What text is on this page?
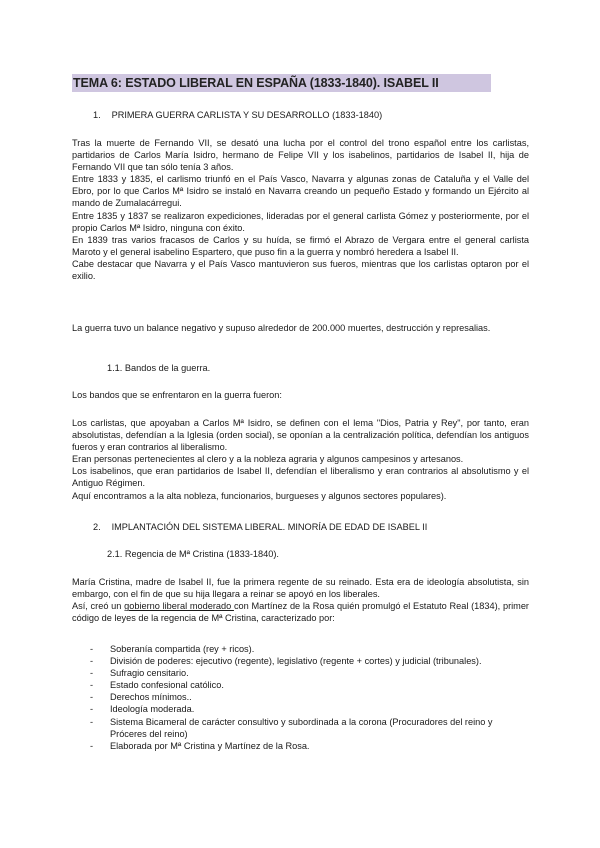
TEMA 6: ESTADO LIBERAL EN ESPAÑA (1833-1840). ISABEL II
1. PRIMERA GUERRA CARLISTA Y SU DESARROLLO (1833-1840)

Tras la muerte de Fernando VII, se desató una lucha por el control del trono español entre los carlistas, partidarios de Carlos María Isidro, hermano de Felipe VII y los isabelinos, partidarios de Isabel II, hija de Fernando VII que tan sólo tenía 3 años.

Entre 1833 y 1835, el carlismo triunfó en el País Vasco, Navarra y algunas zonas de Cataluña y el Valle del Ebro, por lo que Carlos Mª Isidro se instaló en Navarra creando un pequeño Estado y formando un Ejército al mando de Zumalacárregui.

Entre 1835 y 1837 se realizaron expediciones, lideradas por el general carlista Gómez y posteriormente, por el propio Carlos Mª Isidro, ninguna con éxito.

En 1839 tras varios fracasos de Carlos y su huída, se firmó el Abrazo de Vergara entre el general carlista Maroto y el general isabelino Espartero, que puso fin a la guerra y nombró heredera a Isabel II.

Cabe destacar que Navarra y el País Vasco mantuvieron sus fueros, mientras que los carlistas optaron por el exilio.

La guerra tuvo un balance negativo y supuso alrededor de 200.000 muertes, destrucción y represalias.

1.1. Bandos de la guerra.

Los bandos que se enfrentaron en la guerra fueron:

Los carlistas, que apoyaban a Carlos Mª Isidro, se definen con el lema "Dios, Patria y Rey", por tanto, eran absolutistas, defendían a la Iglesia (orden social), se oponían a la centralización política, defendían los antiguos fueros y eran contrarios al liberalismo.

Eran personas pertenecientes al clero y a la nobleza agraria y algunos campesinos y artesanos.

Los isabelinos, que eran partidarios de Isabel II, defendían el liberalismo y eran contrarios al absolutismo y el Antiguo Régimen.

Aquí encontramos a la alta nobleza, funcionarios, burgueses y algunos sectores populares).

2. IMPLANTACIÓN DEL SISTEMA LIBERAL. MINORÍA DE EDAD DE ISABEL II
2.1. Regencia de Mª Cristina (1833-1840).

María Cristina, madre de Isabel II, fue la primera regente de su reinado. Esta era de ideología absolutista, sin embargo, con el fin de que su hija llegara a reinar se apoyó en los liberales.

Así, creó un gobierno liberal moderado con Martínez de la Rosa quién promulgó el Estatuto Real (1834), primer código de leyes de la regencia de Mª Cristina, caracterizado por:

- Soberanía compartida (rey + ricos).
- División de poderes: ejecutivo (regente), legislativo (regente + cortes) y judicial (tribunales).
- Sufragio censitario.
- Estado confesional católico.
- Derechos mínimos..
- Ideología moderada.
- Sistema Bicameral de carácter consultivo y subordinada a la corona (Procuradores del reino y Próceres del reino)
- Elaborada por Mª Cristina y Martínez de la Rosa.
